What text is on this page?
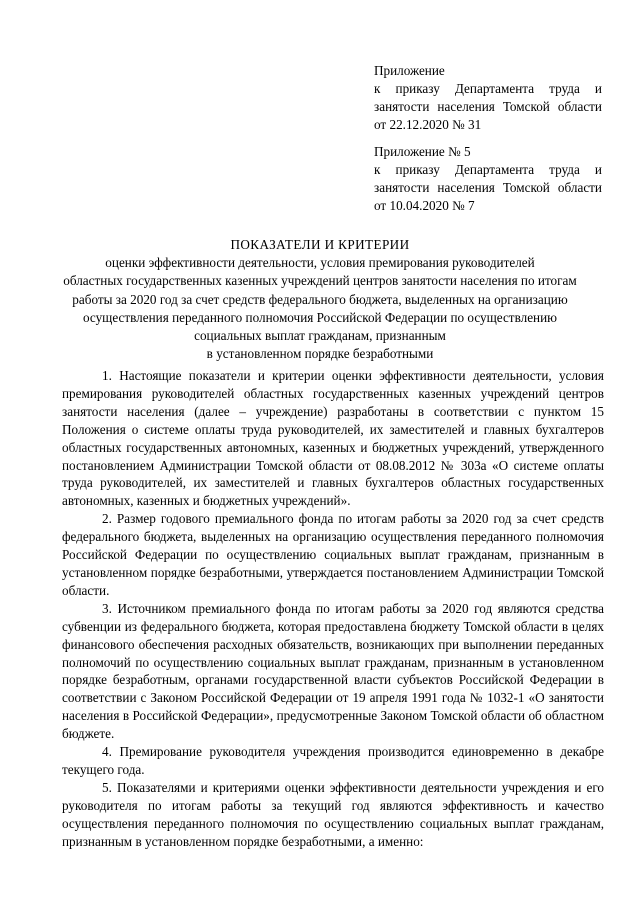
Приложение
к приказу Департамента труда и
занятости населения Томской области
от 22.12.2020 № 31
Приложение № 5
к приказу Департамента труда и
занятости населения Томской области
от 10.04.2020 № 7
ПОКАЗАТЕЛИ И КРИТЕРИИ
оценки эффективности деятельности, условия премирования руководителей
областных государственных казенных учреждений центров занятости населения по итогам
работы за 2020 год за счет средств федерального бюджета, выделенных на организацию
осуществления переданного полномочия Российской Федерации по осуществлению
социальных выплат гражданам, признанным
в установленном порядке безработными

1. Настоящие показатели и критерии оценки эффективности деятельности, условия премирования руководителей областных государственных казенных учреждений центров занятости населения (далее – учреждение) разработаны в соответствии с пунктом 15 Положения о системе оплаты труда руководителей, их заместителей и главных бухгалтеров областных государственных автономных, казенных и бюджетных учреждений, утвержденного постановлением Администрации Томской области от 08.08.2012 № 303а «О системе оплаты труда руководителей, их заместителей и главных бухгалтеров областных государственных автономных, казенных и бюджетных учреждений».

2. Размер годового премиального фонда по итогам работы за 2020 год за счет средств федерального бюджета, выделенных на организацию осуществления переданного полномочия Российской Федерации по осуществлению социальных выплат гражданам, признанным в установленном порядке безработными, утверждается постановлением Администрации Томской области.

3. Источником премиального фонда по итогам работы за 2020 год являются средства субвенции из федерального бюджета, которая предоставлена бюджету Томской области в целях финансового обеспечения расходных обязательств, возникающих при выполнении переданных полномочий по осуществлению социальных выплат гражданам, признанным в установленном порядке безработным, органами государственной власти субъектов Российской Федерации в соответствии с Законом Российской Федерации от 19 апреля 1991 года № 1032-1 «О занятости населения в Российской Федерации», предусмотренные Законом Томской области об областном бюджете.

4. Премирование руководителя учреждения производится единовременно в декабре текущего года.

5. Показателями и критериями оценки эффективности деятельности учреждения и его руководителя по итогам работы за текущий год являются эффективность и качество осуществления переданного полномочия по осуществлению социальных выплат гражданам, признанным в установленном порядке безработными, а именно:
